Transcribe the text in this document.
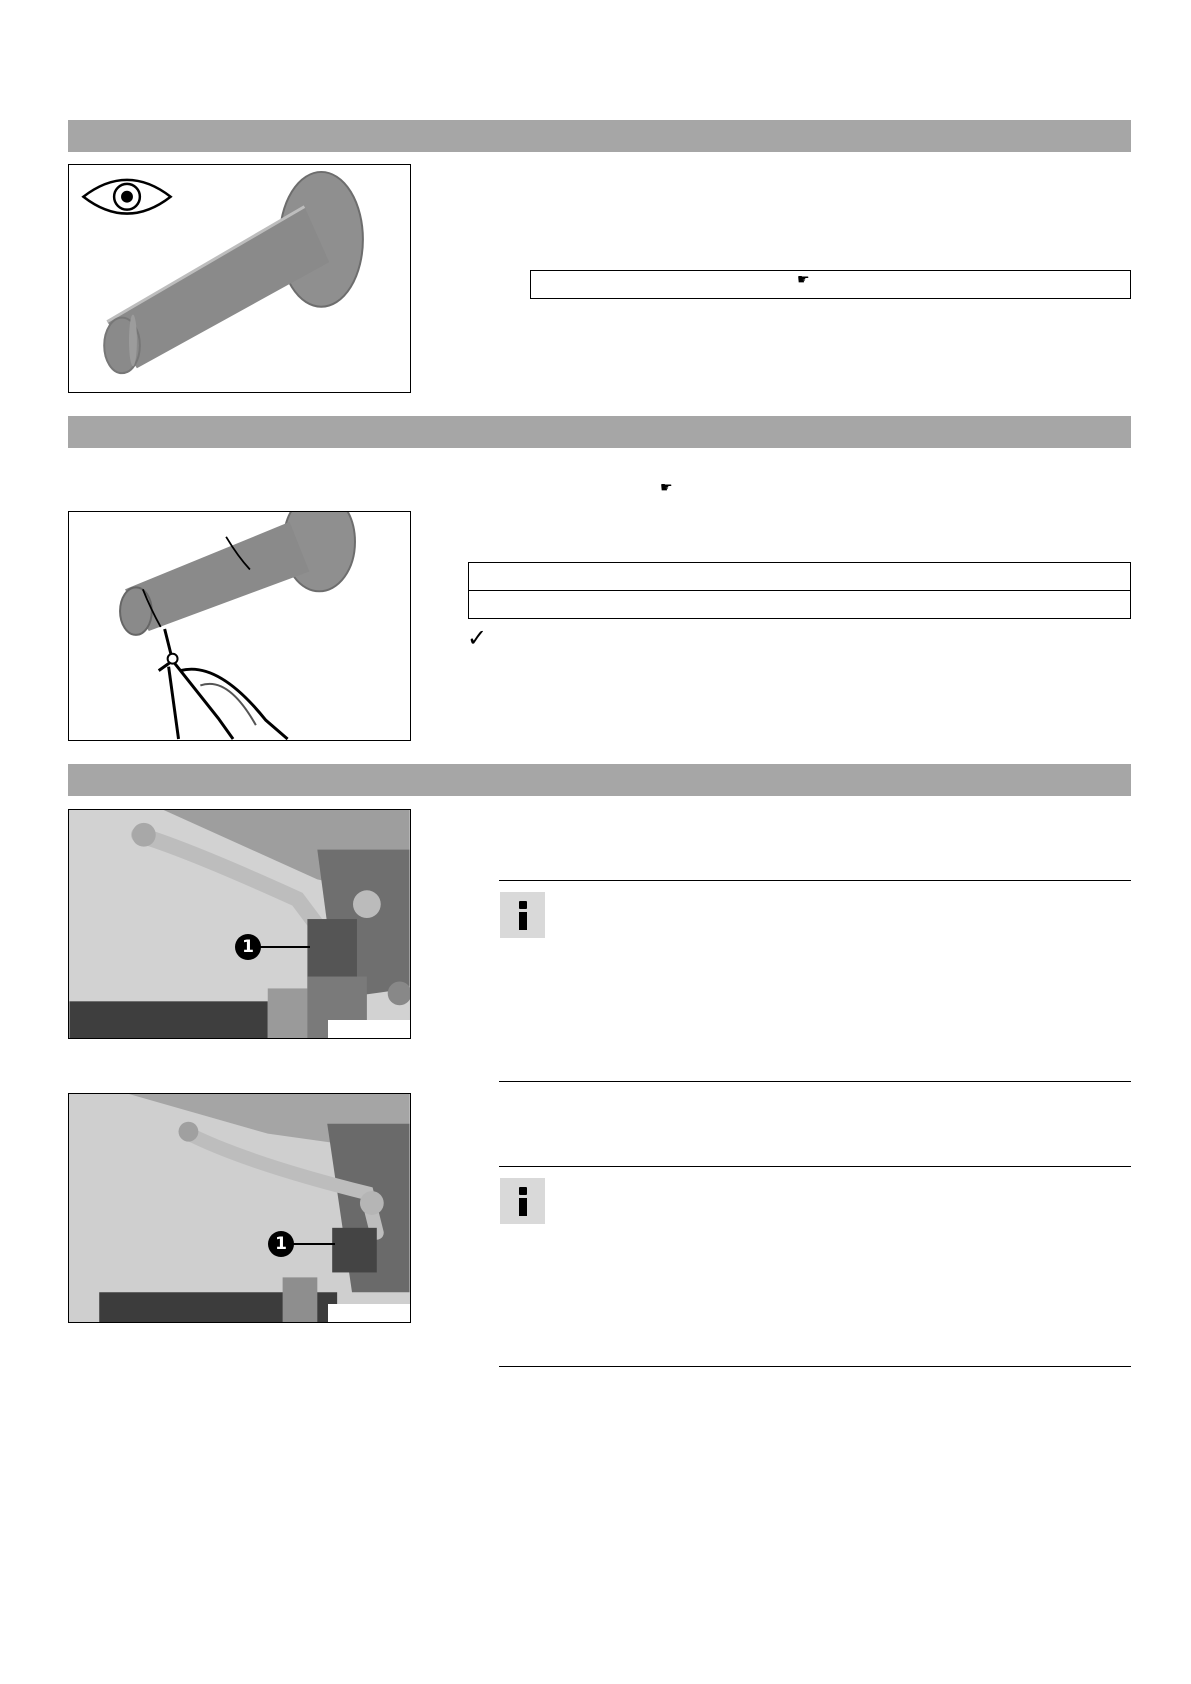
☛
☛
✓
1
1
